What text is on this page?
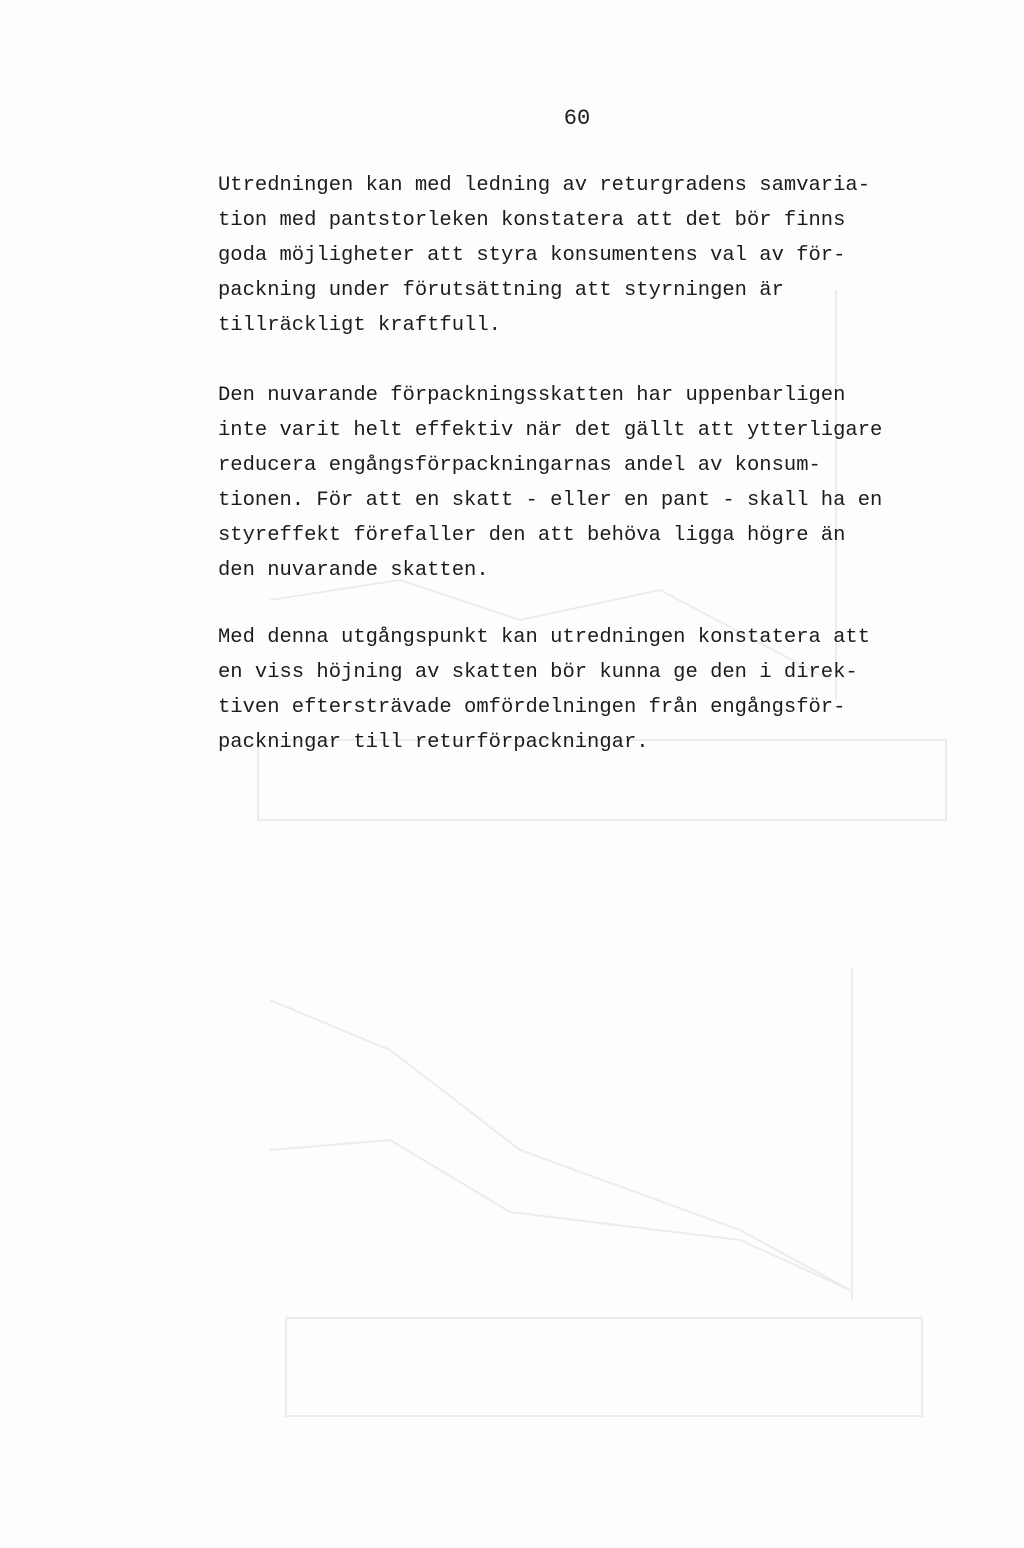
60
Utredningen kan med ledning av returgradens samvaria-
tion med pantstorleken konstatera att det bör finns
goda möjligheter att styra konsumentens val av för-
packning under förutsättning att styrningen är
tillräckligt kraftfull.
Den nuvarande förpackningsskatten har uppenbarligen
inte varit helt effektiv när det gällt att ytterligare
reducera engångsförpackningarnas andel av konsum-
tionen. För att en skatt - eller en pant - skall ha en
styreffekt förefaller den att behöva ligga högre än
den nuvarande skatten.
Med denna utgångspunkt kan utredningen konstatera att
en viss höjning av skatten bör kunna ge den i direk-
tiven eftersträvade omfördelningen från engångsför-
packningar till returförpackningar.
